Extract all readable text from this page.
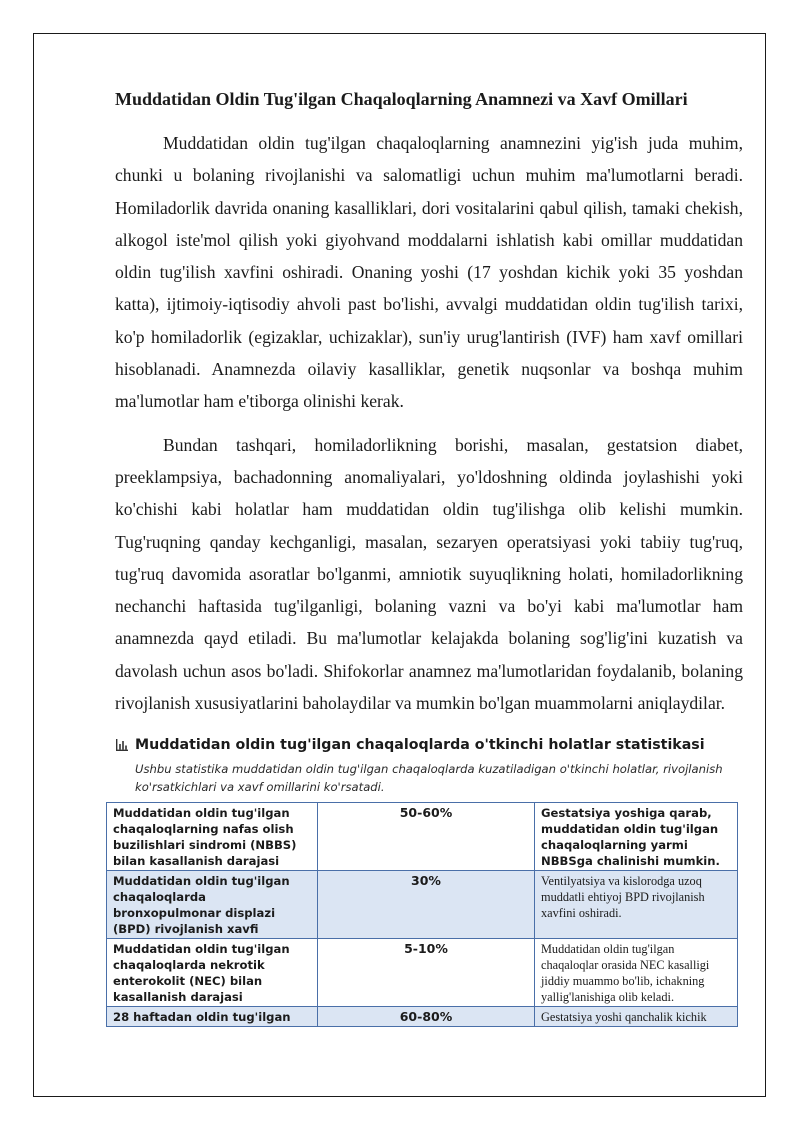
Muddatidan Oldin Tug'ilgan Chaqaloqlarning Anamnezi va Xavf Omillari

Muddatidan oldin tug'ilgan chaqaloqlarning anamnezini yig'ish juda muhim, chunki u bolaning rivojlanishi va salomatligi uchun muhim ma'lumotlarni beradi. Homiladorlik davrida onaning kasalliklari, dori vositalarini qabul qilish, tamaki chekish, alkogol iste'mol qilish yoki giyohvand moddalarni ishlatish kabi omillar muddatidan oldin tug'ilish xavfini oshiradi. Onaning yoshi (17 yoshdan kichik yoki 35 yoshdan katta), ijtimoiy-iqtisodiy ahvoli past bo'lishi, avvalgi muddatidan oldin tug'ilish tarixi, ko'p homiladorlik (egizaklar, uchizaklar), sun'iy urug'lantirish (IVF) ham xavf omillari hisoblanadi. Anamnezda oilaviy kasalliklar, genetik nuqsonlar va boshqa muhim ma'lumotlar ham e'tiborga olinishi kerak.

Bundan tashqari, homiladorlikning borishi, masalan, gestatsion diabet, preeklampsiya, bachadonning anomaliyalari, yo'ldoshning oldinda joylashishi yoki ko'chishi kabi holatlar ham muddatidan oldin tug'ilishga olib kelishi mumkin. Tug'ruqning qanday kechganligi, masalan, sezaryen operatsiyasi yoki tabiiy tug'ruq, tug'ruq davomida asoratlar bo'lganmi, amniotik suyuqlikning holati, homiladorlikning nechanchi haftasida tug'ilganligi, bolaning vazni va bo'yi kabi ma'lumotlar ham anamnezda qayd etiladi. Bu ma'lumotlar kelajakda bolaning sog'lig'ini kuzatish va davolash uchun asos bo'ladi. Shifokorlar anamnez ma'lumotlaridan foydalanib, bolaning rivojlanish xususiyatlarini baholaydilar va mumkin bo'lgan muammolarni aniqlaydilar.

Muddatidan oldin tug'ilgan chaqaloqlarda o'tkinchi holatlar statistikasi
Ushbu statistika muddatidan oldin tug'ilgan chaqaloqlarda kuzatiladigan o'tkinchi holatlar, rivojlanish ko'rsatkichlari va xavf omillarini ko'rsatadi.
Muddatidan oldin tug'ilgan chaqaloqlarning nafas olish buzilishlari sindromi (NBBS) bilan kasallanish darajasi	50-60%	Gestatsiya yoshiga qarab, muddatidan oldin tug'ilgan chaqaloqlarning yarmi NBBSga chalinishi mumkin.
Muddatidan oldin tug'ilgan chaqaloqlarda bronxopulmonar displazi (BPD) rivojlanish xavfi	30%	Ventilyatsiya va kislorodga uzoq muddatli ehtiyoj BPD rivojlanish xavfini oshiradi.
Muddatidan oldin tug'ilgan chaqaloqlarda nekrotik enterokolit (NEC) bilan kasallanish darajasi	5-10%	Muddatidan oldin tug'ilgan chaqaloqlar orasida NEC kasalligi jiddiy muammo bo'lib, ichakning yallig'lanishiga olib keladi.

28 haftadan oldin tug'ilgan	60-80%	Gestatsiya yoshi qanchalik kichik
